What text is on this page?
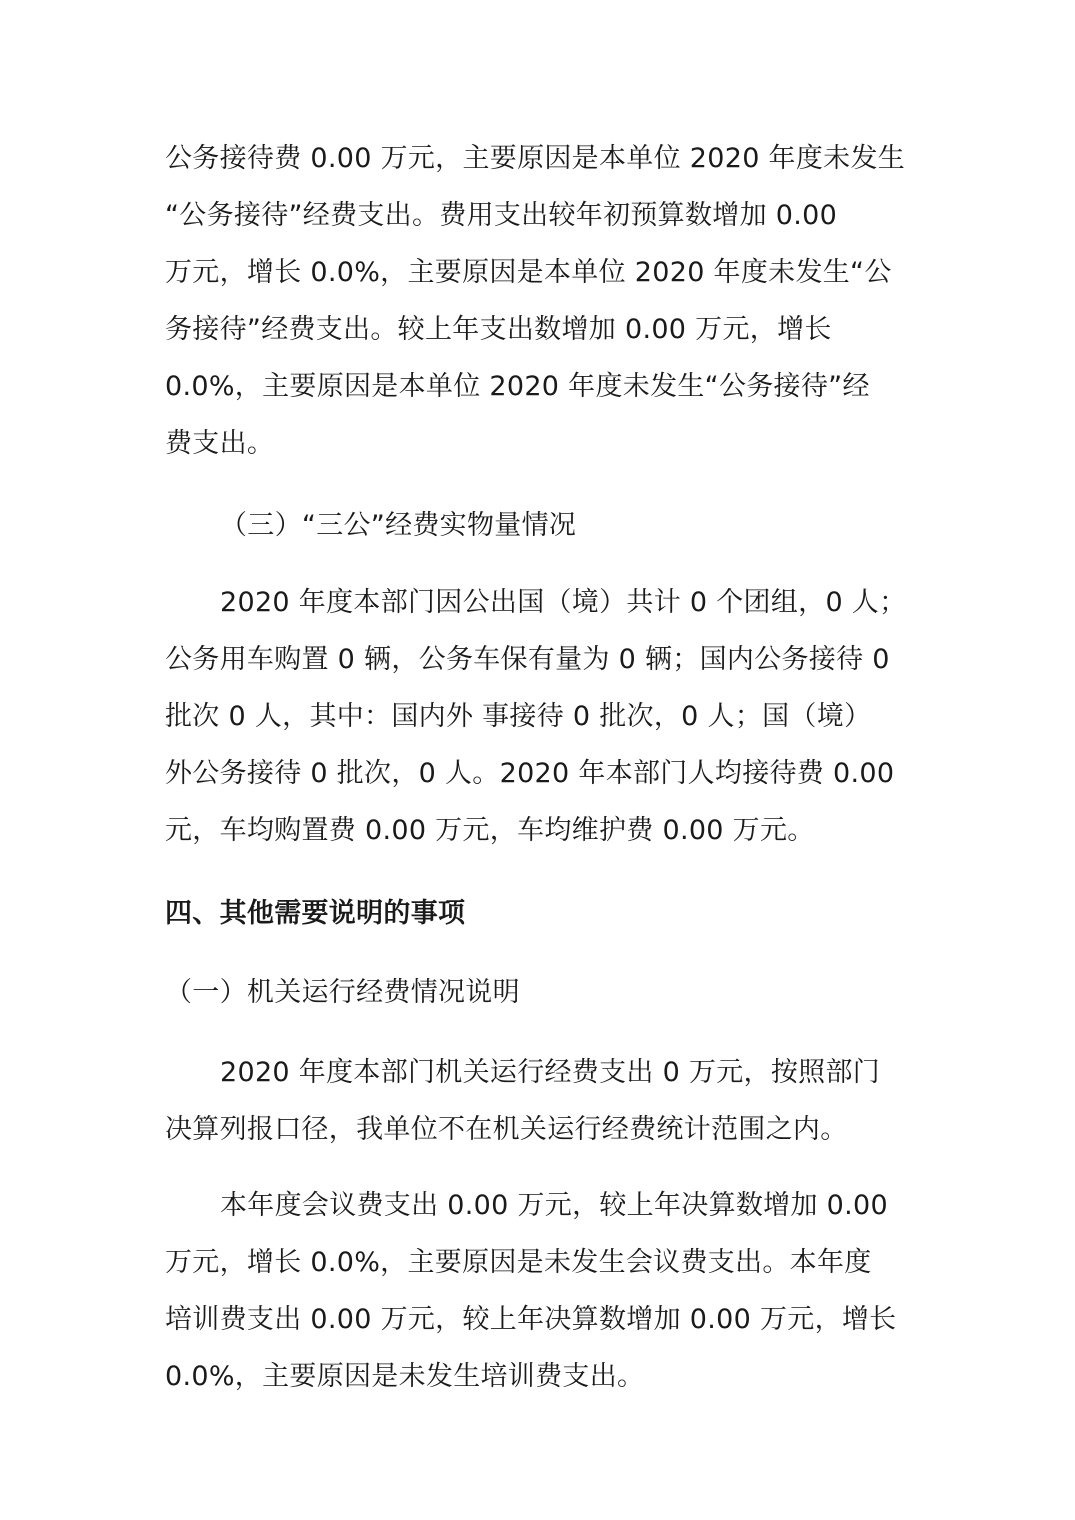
公务接待费 0.00 万元，主要原因是本单位 2020 年度未发生
“公务接待”经费支出。费用支出较年初预算数增加 0.00
万元，增长 0.0%，主要原因是本单位 2020 年度未发生“公
务接待”经费支出。较上年支出数增加 0.00 万元，增长
0.0%，主要原因是本单位 2020 年度未发生“公务接待”经
费支出。
（三）“三公”经费实物量情况
2020 年度本部门因公出国（境）共计 0 个团组，0 人；
公务用车购置 0 辆，公务车保有量为 0 辆；国内公务接待 0
批次 0 人，其中：国内外 事接待 0 批次，0 人；国（境）
外公务接待 0 批次，0 人。2020 年本部门人均接待费 0.00
元，车均购置费 0.00 万元，车均维护费 0.00 万元。
四、其他需要说明的事项
（一）机关运行经费情况说明
2020 年度本部门机关运行经费支出 0 万元，按照部门
决算列报口径，我单位不在机关运行经费统计范围之内。
本年度会议费支出 0.00 万元，较上年决算数增加 0.00
万元，增长 0.0%，主要原因是未发生会议费支出。本年度
培训费支出 0.00 万元，较上年决算数增加 0.00 万元，增长
0.0%，主要原因是未发生培训费支出。
